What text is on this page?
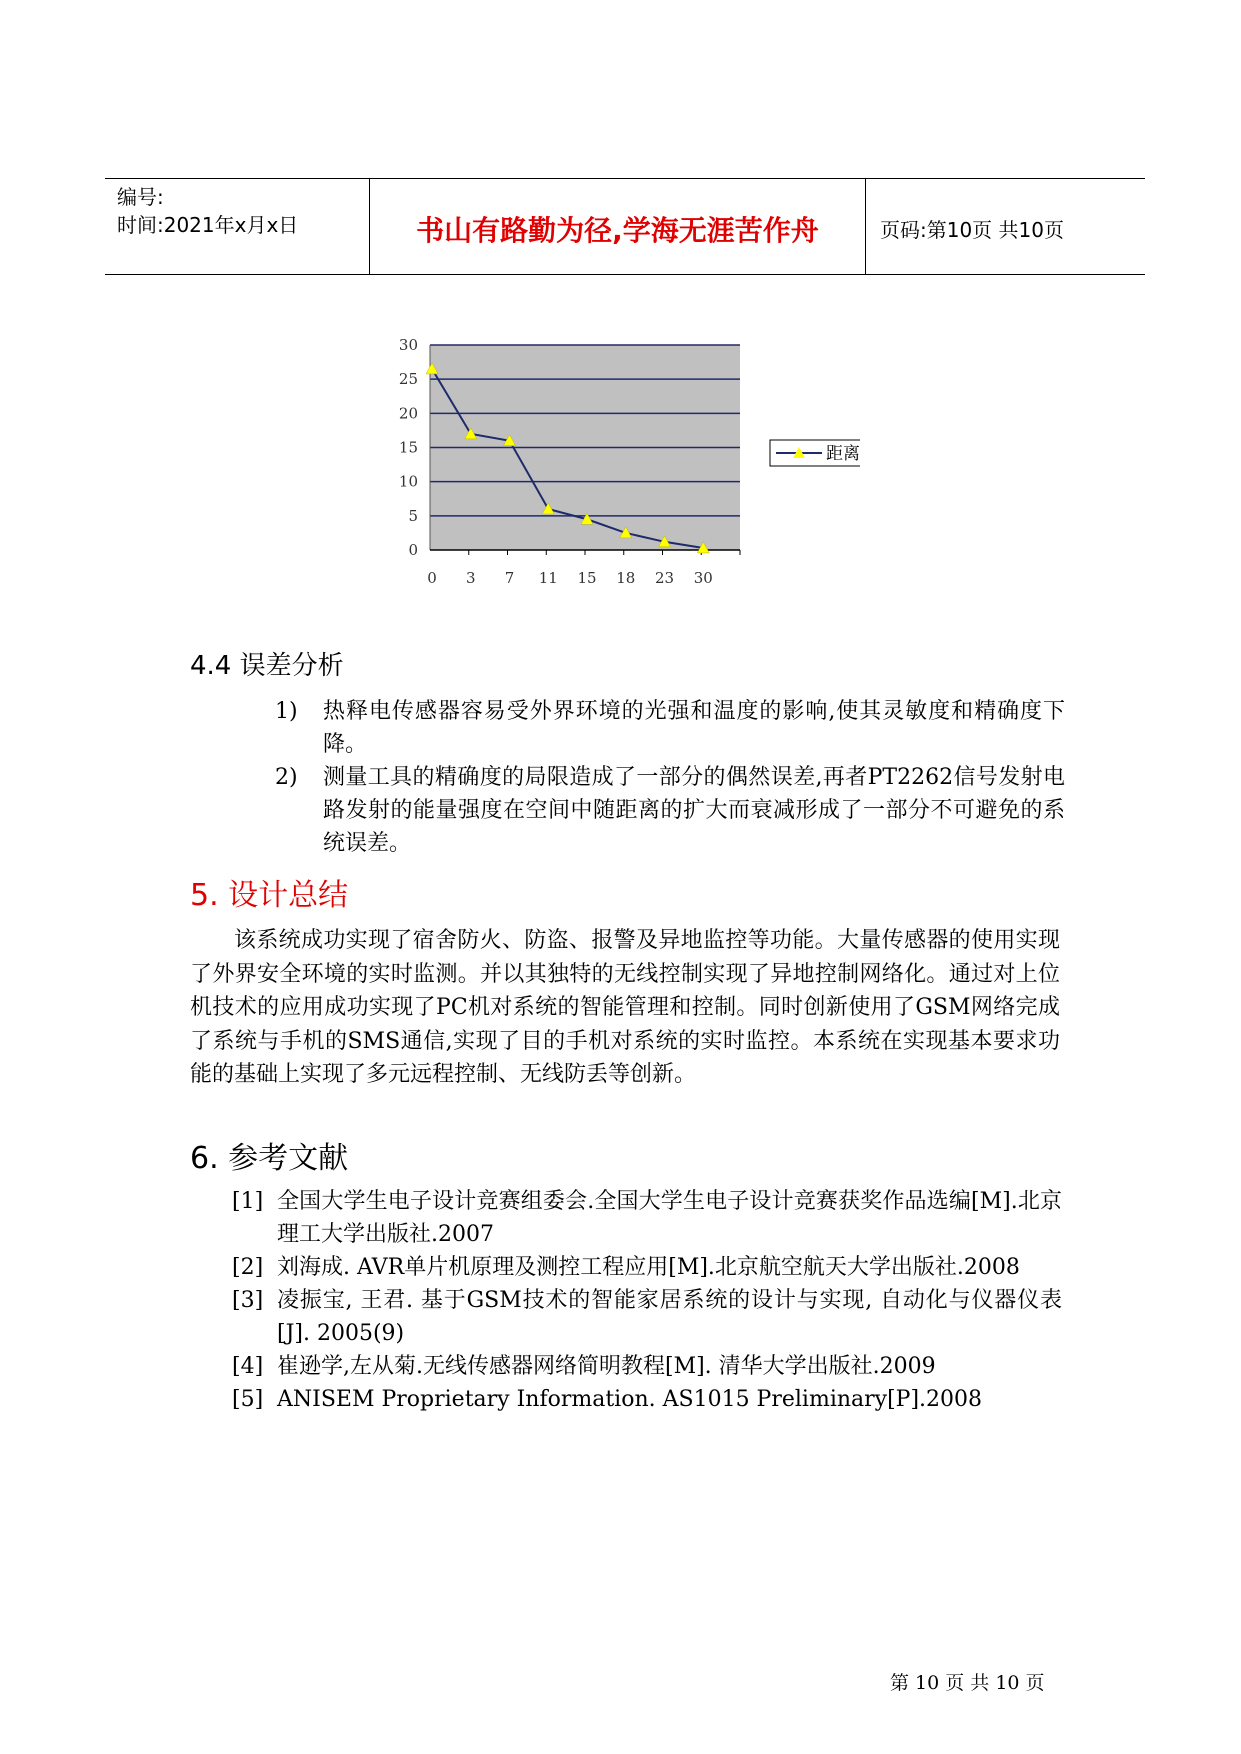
编号:
时间:2021年x月x日	书山有路勤为径,学海无涯苦作舟	页码:第10页 共10页
0
5
10
15
20
25
30
0 3 7 11 15 18 23 30
距离
4.4 误差分析
1) 热释电传感器容易受外界环境的光强和温度的影响,使其灵敏度和精确度下降。
2) 测量工具的精确度的局限造成了一部分的偶然误差,再者PT2262信号发射电路发射的能量强度在空间中随距离的扩大而衰减形成了一部分不可避免的系统误差。
5. 设计总结
该系统成功实现了宿舍防火、防盗、报警及异地监控等功能。大量传感器的使用实现了外界安全环境的实时监测。并以其独特的无线控制实现了异地控制网络化。通过对上位机技术的应用成功实现了PC机对系统的智能管理和控制。同时创新使用了GSM网络完成了系统与手机的SMS通信,实现了目的手机对系统的实时监控。本系统在实现基本要求功能的基础上实现了多元远程控制、无线防丢等创新。
6. 参考文献
[1] 全国大学生电子设计竞赛组委会.全国大学生电子设计竞赛获奖作品选编[M].北京理工大学出版社.2007
[2] 刘海成. AVR单片机原理及测控工程应用[M].北京航空航天大学出版社.2008
[3] 凌振宝, 王君. 基于GSM技术的智能家居系统的设计与实现, 自动化与仪器仪表[J]. 2005(9)
[4] 崔逊学,左从菊.无线传感器网络简明教程[M]. 清华大学出版社.2009
[5] ANISEM Proprietary Information. AS1015 Preliminary[P].2008
第 10 页 共 10 页
